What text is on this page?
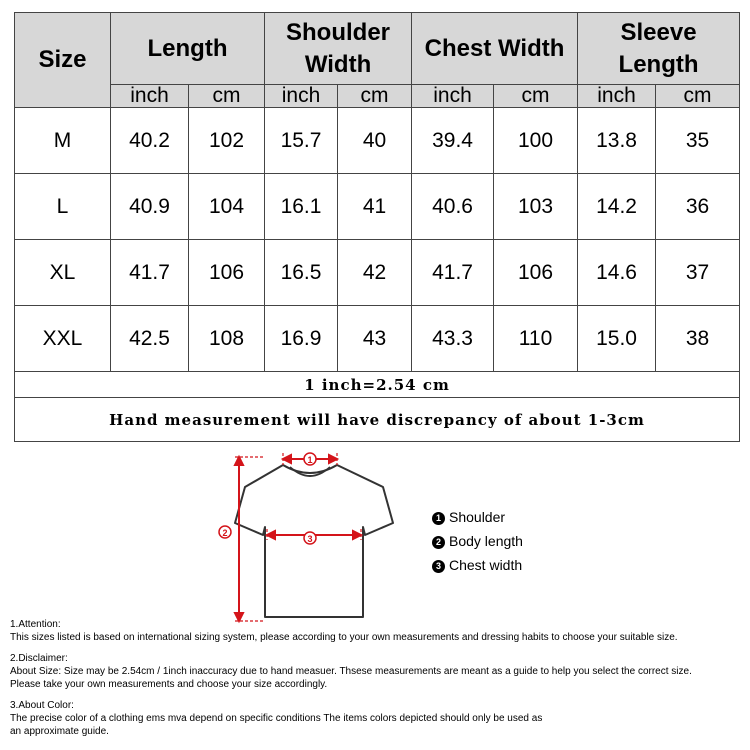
Size	Length		Shoulder
Width		Chest Width		Sleeve
Length	
	inch	cm	inch	cm	inch	cm	inch	cm
M	40.2	102	15.7	40	39.4	100	13.8	35
L	40.9	104	16.1	41	40.6	103	14.2	36
XL	41.7	106	16.5	42	41.7	106	14.6	37
XXL	42.5	108	16.9	43	43.3	110	15.0	38
1 inch=2.54 cm								
Hand measurement will have discrepancy of about 1-3cm								
1
2
3
1 Shoulder
2 Body length
3 Chest width
1.Attention:
This sizes listed is based on international sizing system, please according to your own measurements and dressing habits to choose your suitable size.
2.Disclaimer:
About Size: Size may be 2.54cm / 1inch inaccuracy due to hand measuer. Thsese measurements are meant as a guide to help you select the correct size.
Please take your own measurements and choose your size accordingly.
3.About Color:
The precise color of a clothing ems mva depend on specific conditions The items colors depicted should only be used as
an approximate guide.
